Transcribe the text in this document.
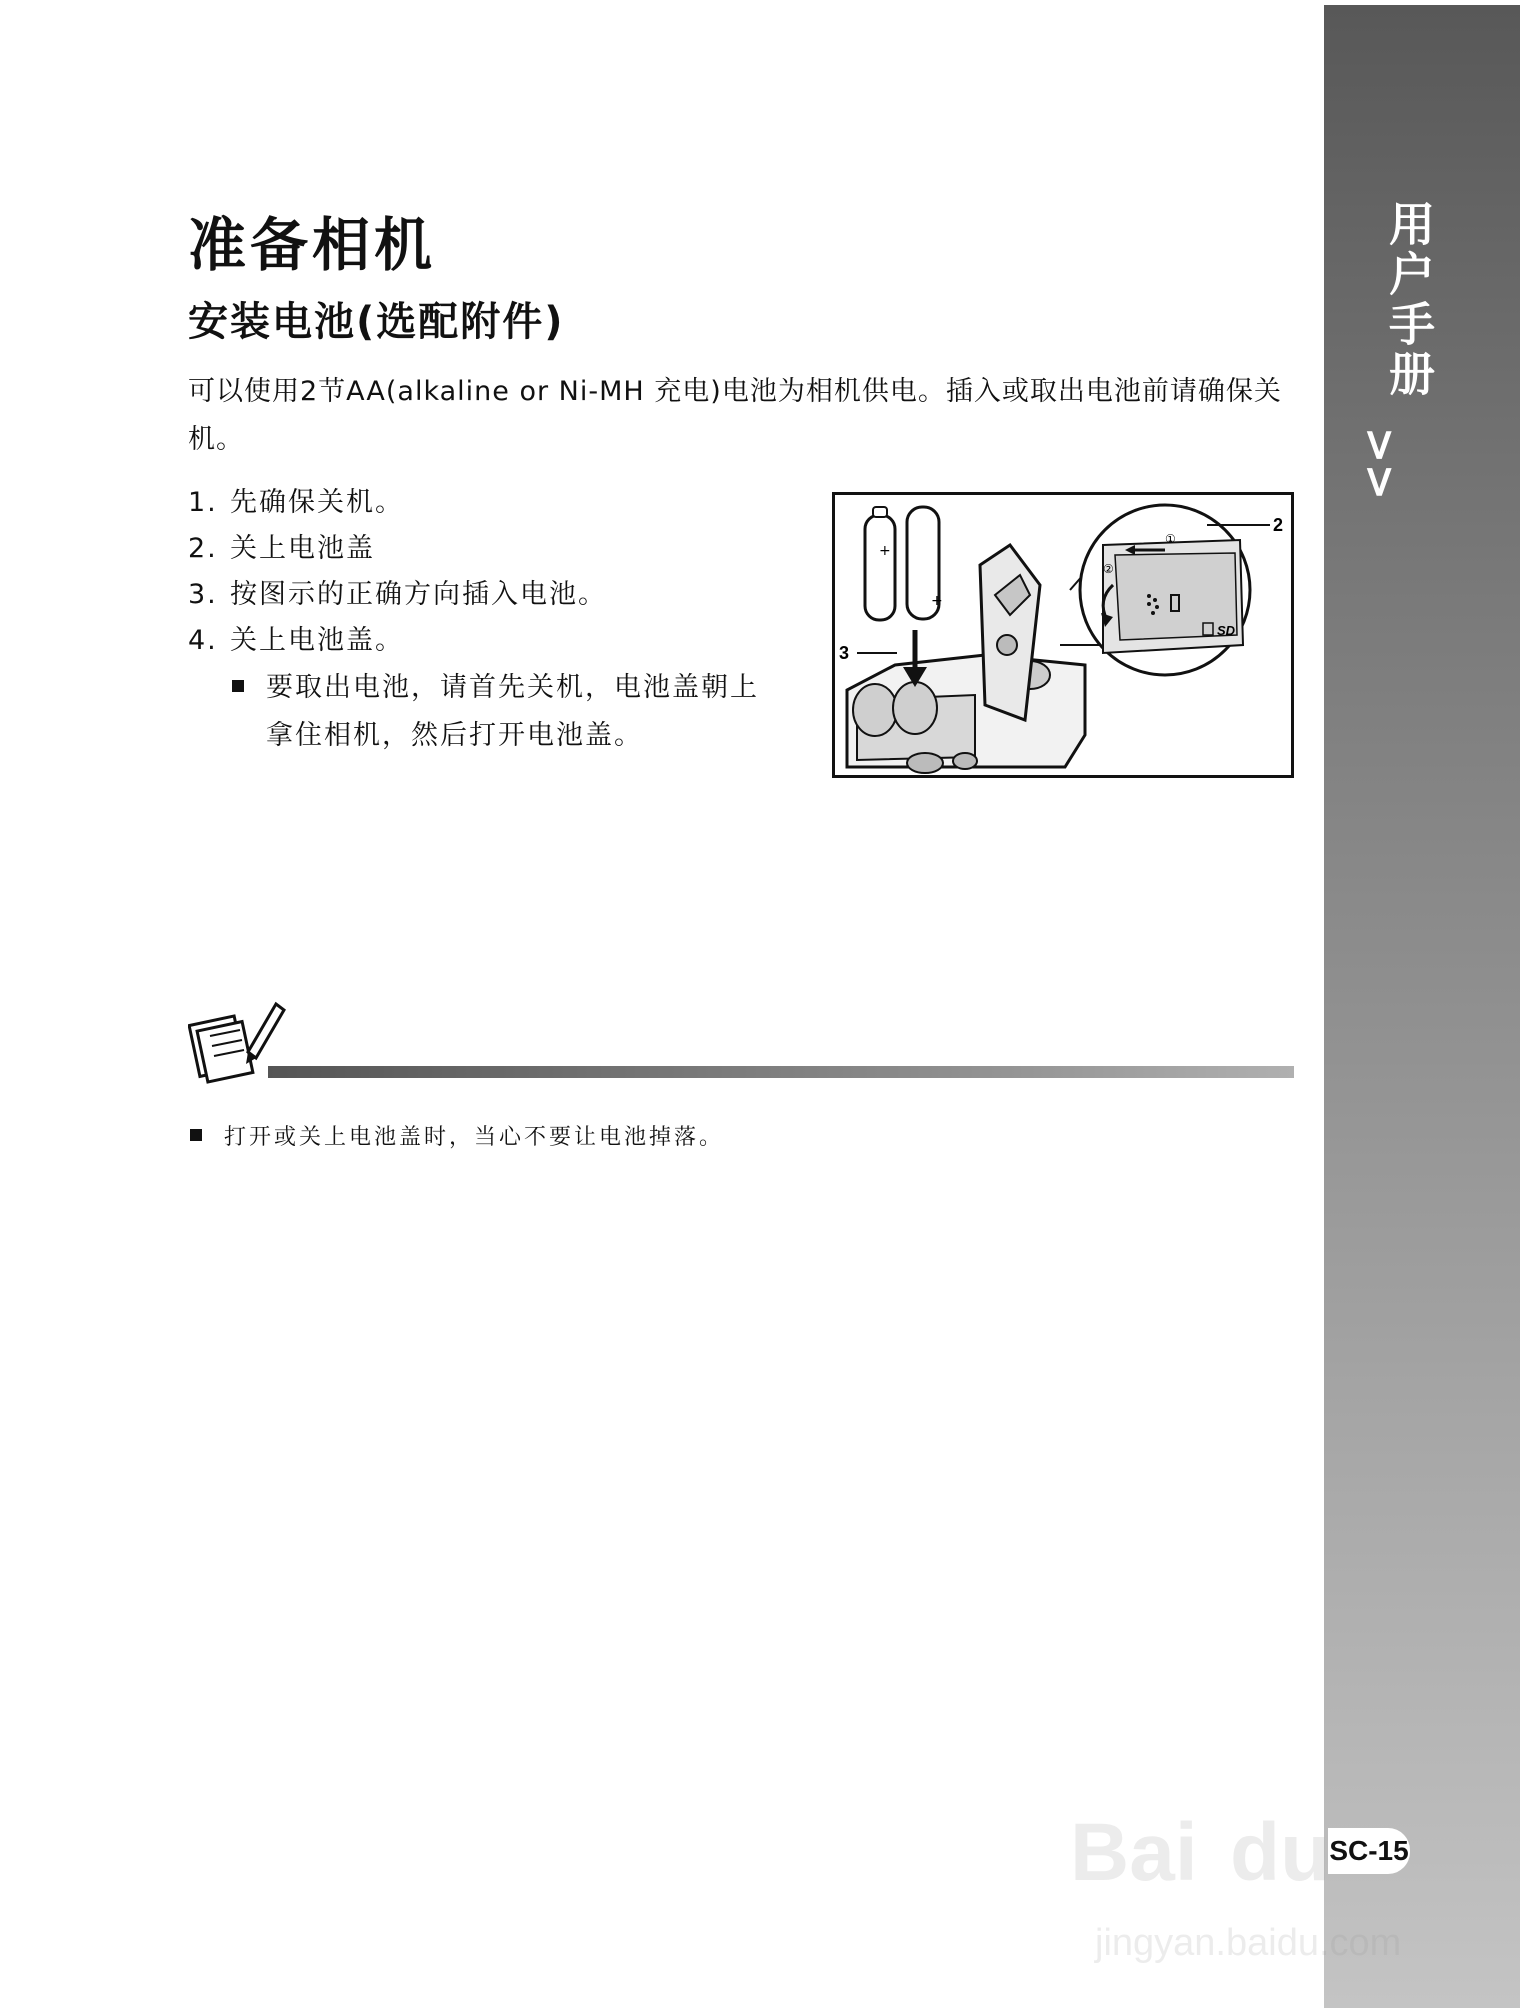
用户手册
>>
SC-15
准备相机
安装电池(选配附件)

可以使用2节AA(alkaline or Ni-MH 充电)电池为相机供电。插入或取出电池前请确保关机。

1. 先确保关机。
2. 关上电池盖
3. 按图示的正确方向插入电池。
4. 关上电池盖。
要取出电池，请首先关机，电池盖朝上拿住相机，然后打开电池盖。
+
+
3
SD
①
②
2
打开或关上电池盖时，当心不要让电池掉落。
Bai du
jingyan.baidu.com
